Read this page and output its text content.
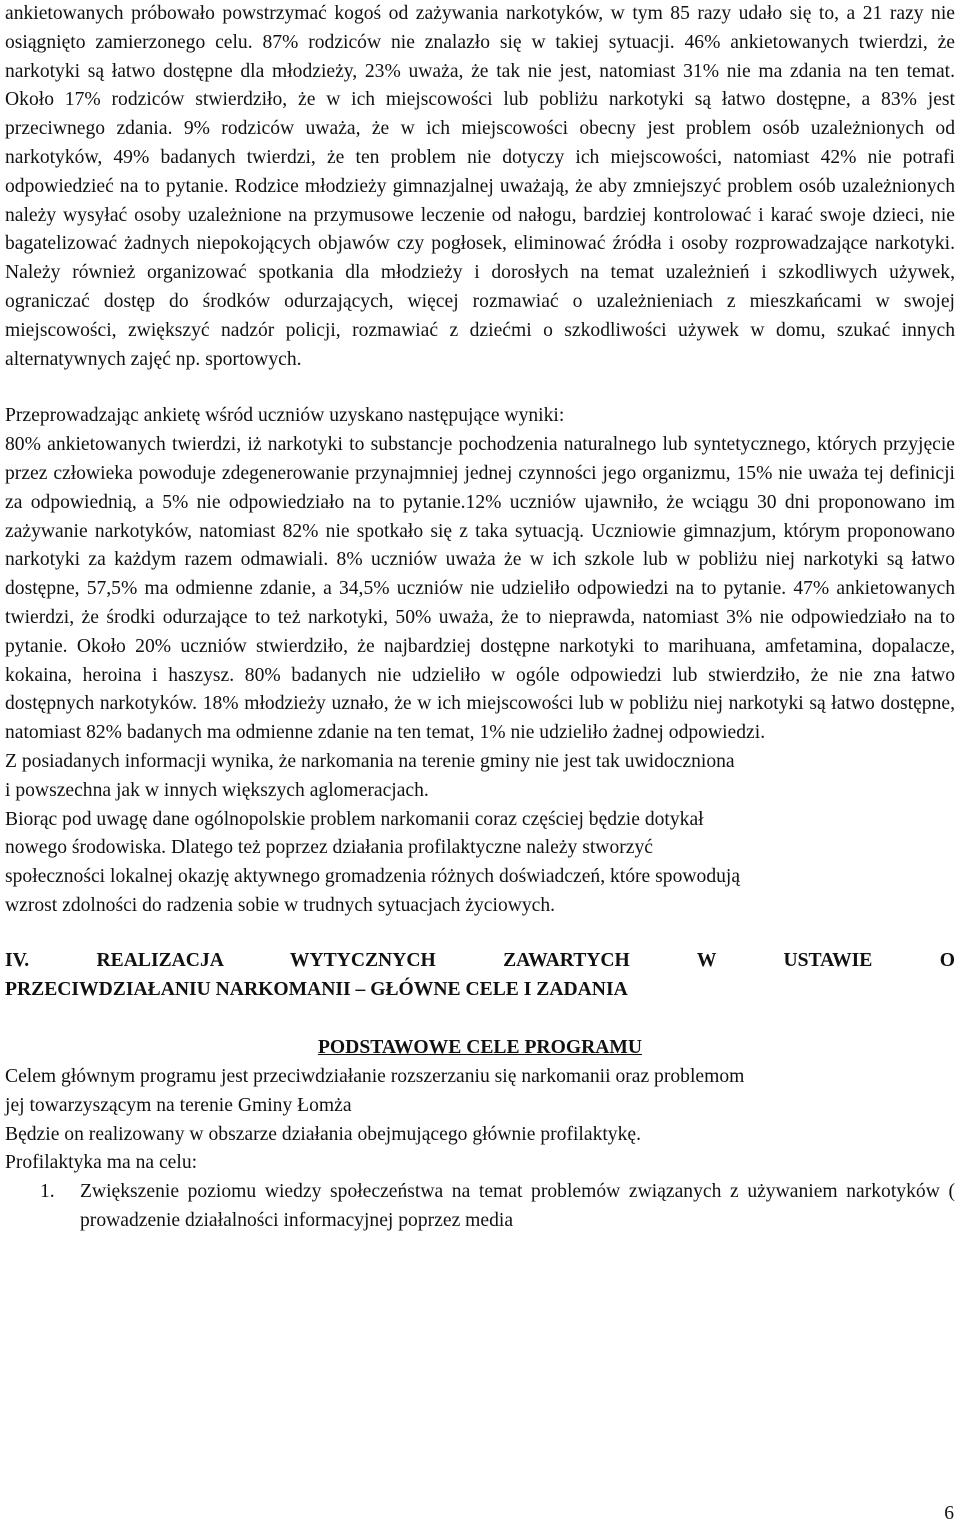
ankietowanych próbowało powstrzymać kogoś od zażywania narkotyków, w tym 85 razy udało się to, a 21 razy nie osiągnięto zamierzonego celu. 87% rodziców nie znalazło się w takiej sytuacji. 46% ankietowanych twierdzi, że narkotyki są łatwo dostępne dla młodzieży, 23% uważa, że tak nie jest, natomiast 31% nie ma zdania na ten temat. Około 17% rodziców stwierdziło, że w ich miejscowości lub pobliżu narkotyki są łatwo dostępne, a 83% jest przeciwnego zdania. 9% rodziców uważa, że w ich miejscowości obecny jest problem osób uzależnionych od narkotyków, 49% badanych twierdzi, że ten problem nie dotyczy ich miejscowości, natomiast 42% nie potrafi odpowiedzieć na to pytanie. Rodzice młodzieży gimnazjalnej uważają, że aby zmniejszyć problem osób uzależnionych należy wysyłać osoby uzależnione na przymusowe leczenie od nałogu, bardziej kontrolować i karać swoje dzieci, nie bagatelizować żadnych niepokojących objawów czy pogłosek, eliminować źródła i osoby rozprowadzające narkotyki. Należy również organizować spotkania dla młodzieży i dorosłych na temat uzależnień i szkodliwych używek, ograniczać dostęp do środków odurzających, więcej rozmawiać o uzależnieniach z mieszkańcami w swojej miejscowości, zwiększyć nadzór policji, rozmawiać z dziećmi o szkodliwości używek w domu, szukać innych alternatywnych zajęć np. sportowych.

Przeprowadzając ankietę wśród uczniów uzyskano następujące wyniki:

80% ankietowanych twierdzi, iż narkotyki to substancje pochodzenia naturalnego lub syntetycznego, których przyjęcie przez człowieka powoduje zdegenerowanie przynajmniej jednej czynności jego organizmu, 15% nie uważa tej definicji za odpowiednią, a 5% nie odpowiedziało na to pytanie.12% uczniów ujawniło, że wciągu 30 dni proponowano im zażywanie narkotyków, natomiast 82% nie spotkało się z taka sytuacją. Uczniowie gimnazjum, którym proponowano narkotyki za każdym razem odmawiali. 8% uczniów uważa że w ich szkole lub w pobliżu niej narkotyki są łatwo dostępne, 57,5% ma odmienne zdanie, a 34,5% uczniów nie udzieliło odpowiedzi na to pytanie. 47% ankietowanych twierdzi, że środki odurzające to też narkotyki, 50% uważa, że to nieprawda, natomiast 3% nie odpowiedziało na to pytanie. Około 20% uczniów stwierdziło, że najbardziej dostępne narkotyki to marihuana, amfetamina, dopalacze, kokaina, heroina i haszysz. 80% badanych nie udzieliło w ogóle odpowiedzi lub stwierdziło, że nie zna łatwo dostępnych narkotyków. 18% młodzieży uznało, że w ich miejscowości lub w pobliżu niej narkotyki są łatwo dostępne, natomiast 82% badanych ma odmienne zdanie na ten temat, 1% nie udzieliło żadnej odpowiedzi.

Z posiadanych informacji wynika, że narkomania na terenie gminy nie jest tak uwidoczniona

i powszechna jak w innych większych aglomeracjach.

Biorąc pod uwagę dane ogólnopolskie problem narkomanii coraz częściej będzie dotykał

nowego środowiska. Dlatego też poprzez działania profilaktyczne należy stworzyć

społeczności lokalnej okazję aktywnego gromadzenia różnych doświadczeń, które spowodują

wzrost zdolności do radzenia sobie w trudnych sytuacjach życiowych.

IV. REALIZACJA WYTYCZNYCH ZAWARTYCH W USTAWIE O
PRZECIWDZIAŁANIU NARKOMANII – GŁÓWNE CELE I ZADANIA
PODSTAWOWE CELE PROGRAMU

Celem głównym programu jest przeciwdziałanie rozszerzaniu się narkomanii oraz problemom

jej towarzyszącym na terenie Gminy Łomża

Będzie on realizowany w obszarze działania obejmującego głównie profilaktykę.

Profilaktyka ma na celu:

1.	Zwiększenie poziomu wiedzy społeczeństwa na temat problemów związanych z używaniem narkotyków ( prowadzenie działalności informacyjnej poprzez media
6
